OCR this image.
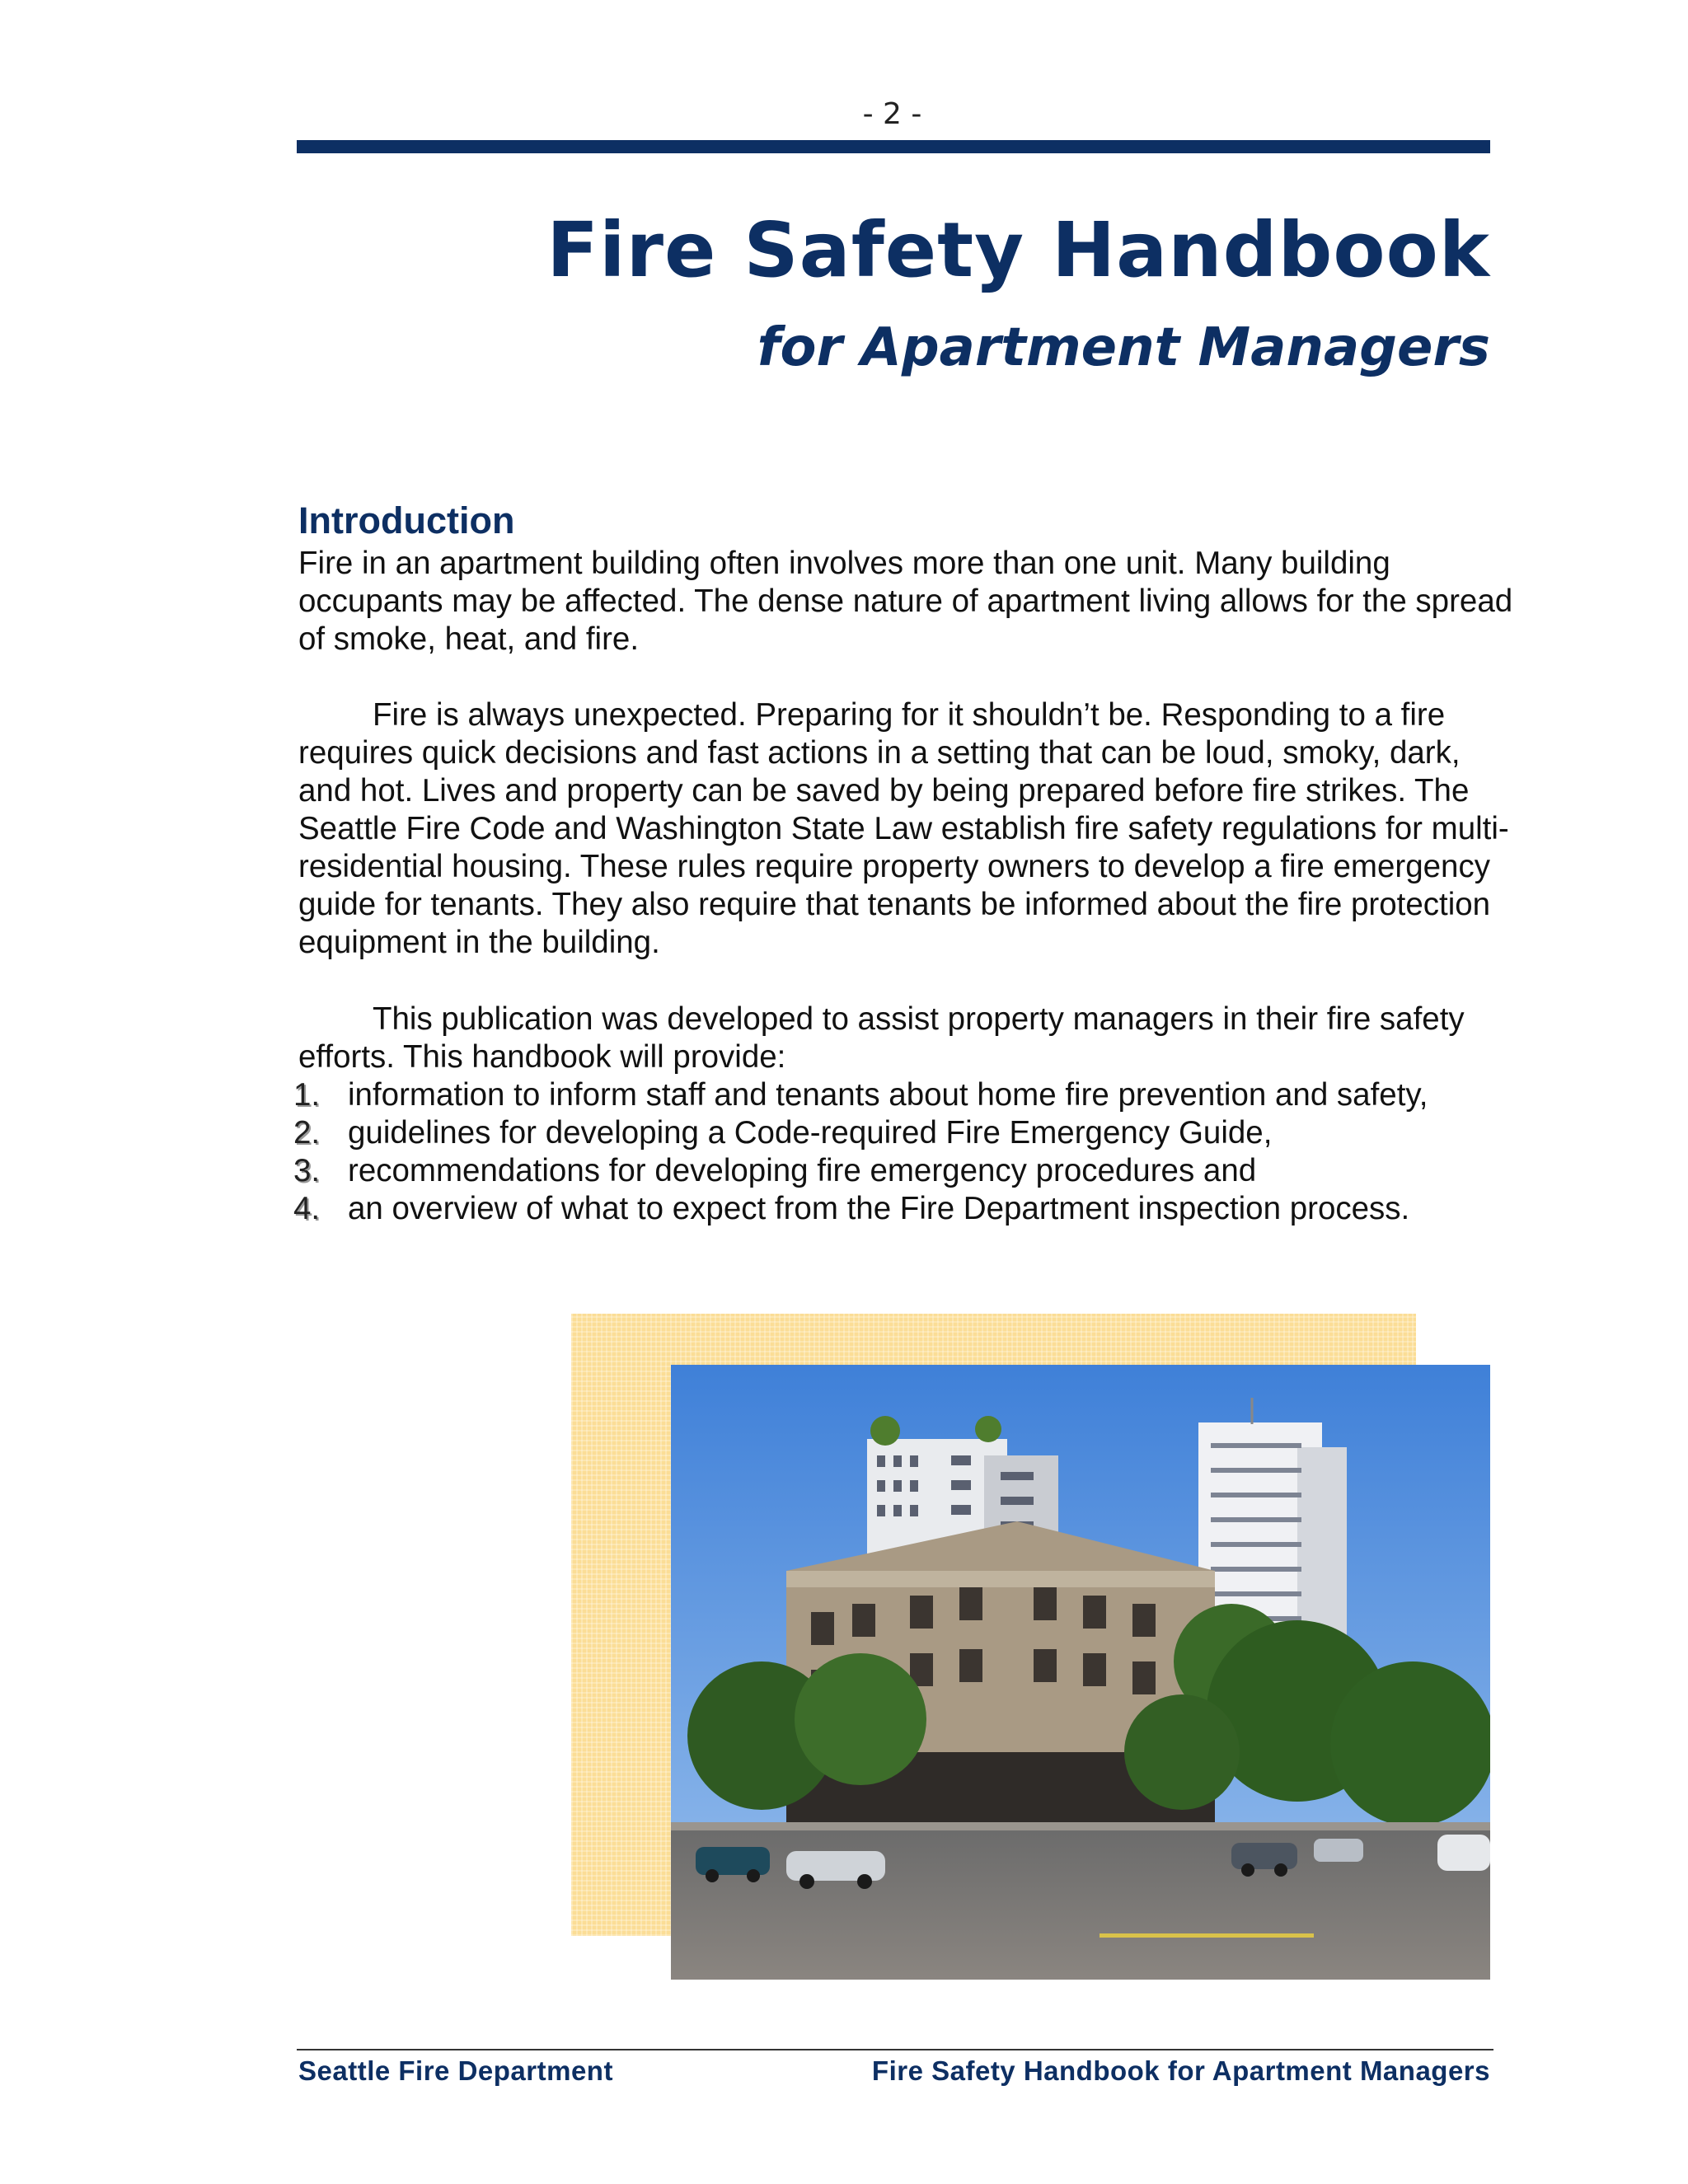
- 2 -
Fire Safety Handbook
for Apartment Managers
Introduction

Fire in an apartment building often involves more than one unit. Many building occupants may be affected. The dense nature of apartment living allows for the spread of smoke, heat, and fire.

Fire is always unexpected. Preparing for it shouldn’t be. Responding to a fire requires quick decisions and fast actions in a setting that can be loud, smoky, dark, and hot. Lives and property can be saved by being prepared before fire strikes. The Seattle Fire Code and Washington State Law establish fire safety regulations for multi-residential housing. These rules require property owners to develop a fire emergency guide for tenants. They also require that tenants be informed about the fire protection equipment in the building.

This publication was developed to assist property managers in their fire safety efforts. This handbook will provide:

1. information to inform staff and tenants about home fire prevention and safety,
2. guidelines for developing a Code-required Fire Emergency Guide,
3. recommendations for developing fire emergency procedures and
4. an overview of what to expect from the Fire Department inspection process.
Seattle Fire Department	Fire Safety Handbook for Apartment Managers
